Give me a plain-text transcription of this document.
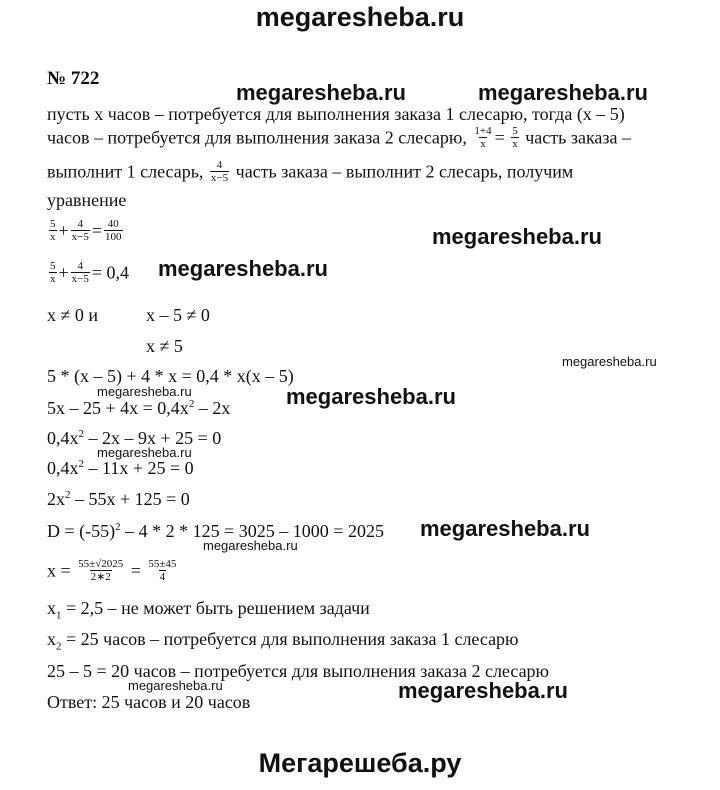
megaresheba.ru
№ 722
megaresheba.ru	megaresheba.ru
пусть x часов – потребуется для выполнения заказа 1 слесарю, тогда (x – 5)
часов – потребуется для выполнения заказа 2 слесарю, $\frac{1+4}{x} = \frac{5}{x}$ часть заказа –
выполнит 1 слесарь, $\frac{4}{x-5}$ часть заказа – выполнит 2 слесарь, получим
уравнение
$\frac{5}{x} + \frac{4}{x-5} = \frac{40}{100}$	megaresheba.ru
$\frac{5}{x} + \frac{4}{x-5} = 0,4$ megaresheba.ru
x ≠ 0 и	x – 5 ≠ 0
x ≠ 5
megaresheba.ru
5 * (x – 5) + 4 * x = 0,4 * x(x – 5)
megaresheba.ru	megaresheba.ru
$5x - 25 + 4x = 0,4x^2 - 2x$
$0,4x^2 - 2x - 9x + 25 = 0$
megaresheba.ru
$0,4x^2 - 11x + 25 = 0$
$2x^2 - 55x + 125 = 0$
$D = (-55)^2 - 4 * 2 * 125 = 3025 - 1000 = 2025$ megaresheba.ru
megaresheba.ru
$x = \frac{55\pm√2025}{2∗2} = \frac{55\pm 45}{4}$
$x_1 = 2,5$ – не может быть решением задачи
$x_2 = 25$ часов – потребуется для выполнения заказа 1 слесарю
25 – 5 = 20 часов – потребуется для выполнения заказа 2 слесарю
megaresheba.ru	megaresheba.ru
Ответ: 25 часов и 20 часов
Мегарешеба.ру
